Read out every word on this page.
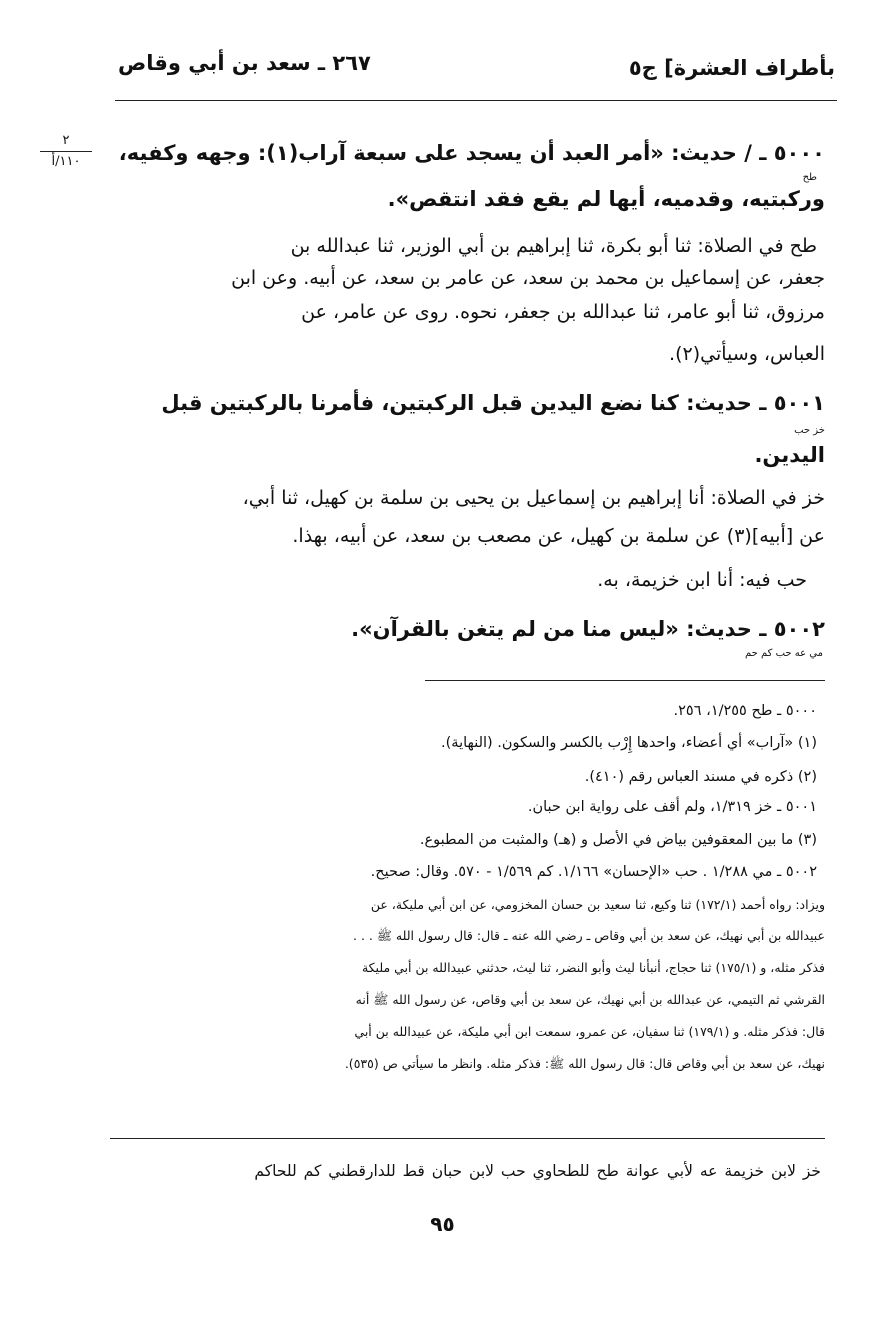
بأطراف العشرة] ج٥
٢٦٧ ـ سعد بن أبي وقاص
٢
١١٠/أ	٥٠٠٠ ـ / حديث: «أمر العبد أن يسجد على سبعة آراب(١): وجهه وكفيه،
طح
وركبتيه، وقدميه، أيها لم يقع فقد انتقص».
طح في الصلاة: ثنا أبو بكرة، ثنا إبراهيم بن أبي الوزير، ثنا عبدالله بن
جعفر، عن إسماعيل بن محمد بن سعد، عن عامر بن سعد، عن أبيه. وعن ابن
مرزوق، ثنا أبو عامر، ثنا عبدالله بن جعفر، نحوه. روى عن عامر، عن
العباس، وسيأتي(٢).
٥٠٠١ ـ حديث: كنا نضع اليدين قبل الركبتين، فأمرنا بالركبتين قبل
خز حب
اليدين.
خز في الصلاة: أنا إبراهيم بن إسماعيل بن يحيى بن سلمة بن كهيل، ثنا أبي،
عن [أبيه](٣) عن سلمة بن كهيل، عن مصعب بن سعد، عن أبيه، بهذا.
حب فيه: أنا ابن خزيمة، به.
٥٠٠٢ ـ حديث: «ليس منا من لم يتغن بالقرآن».
مي عه حب كم حم
٥٠٠٠ ـ طح ١/٢٥٥، ٢٥٦.
(١) «آراب» أي أعضاء، واحدها إِرْب بالكسر والسكون. (النهاية).
(٢) ذكره في مسند العباس رقم (٤١٠).
٥٠٠١ ـ خز ١/٣١٩، ولم أقف على رواية ابن حبان.
(٣) ما بين المعقوفين بياض في الأصل و (هـ) والمثبت من المطبوع.
٥٠٠٢ ـ مي ١/٢٨٨ . حب «الإحسان» ١/١٦٦. كم ١/٥٦٩ - ٥٧٠. وقال: صحيح.
ويزاد: رواه أحمد (١٧٢/١) ثنا وكيع، ثنا سعيد بن حسان المخزومي، عن ابن أبي مليكة، عن
عبيدالله بن أبي نهيك، عن سعد بن أبي وقاص ـ رضي الله عنه ـ قال: قال رسول الله ﷺ . . .
فذكر مثله، و (١٧٥/١) ثنا حجاج، أنبأنا ليث وأبو النضر، ثنا ليث، حدثني عبيدالله بن أبي مليكة
القرشي ثم التيمي، عن عبدالله بن أبي نهيك، عن سعد بن أبي وقاص، عن رسول الله ﷺ أنه
قال: فذكر مثله. و (١٧٩/١) ثنا سفيان، عن عمرو، سمعت ابن أبي مليكة، عن عبيدالله بن أبي
نهيك، عن سعد بن أبي وقاص قال: قال رسول الله ﷺ: فذكر مثله. وانظر ما سيأتي ص (٥٣٥).
خز لابن خزيمة عه لأبي عوانة طح للطحاوي حب لابن حبان قط للدارقطني كم للحاكم
٩٥
